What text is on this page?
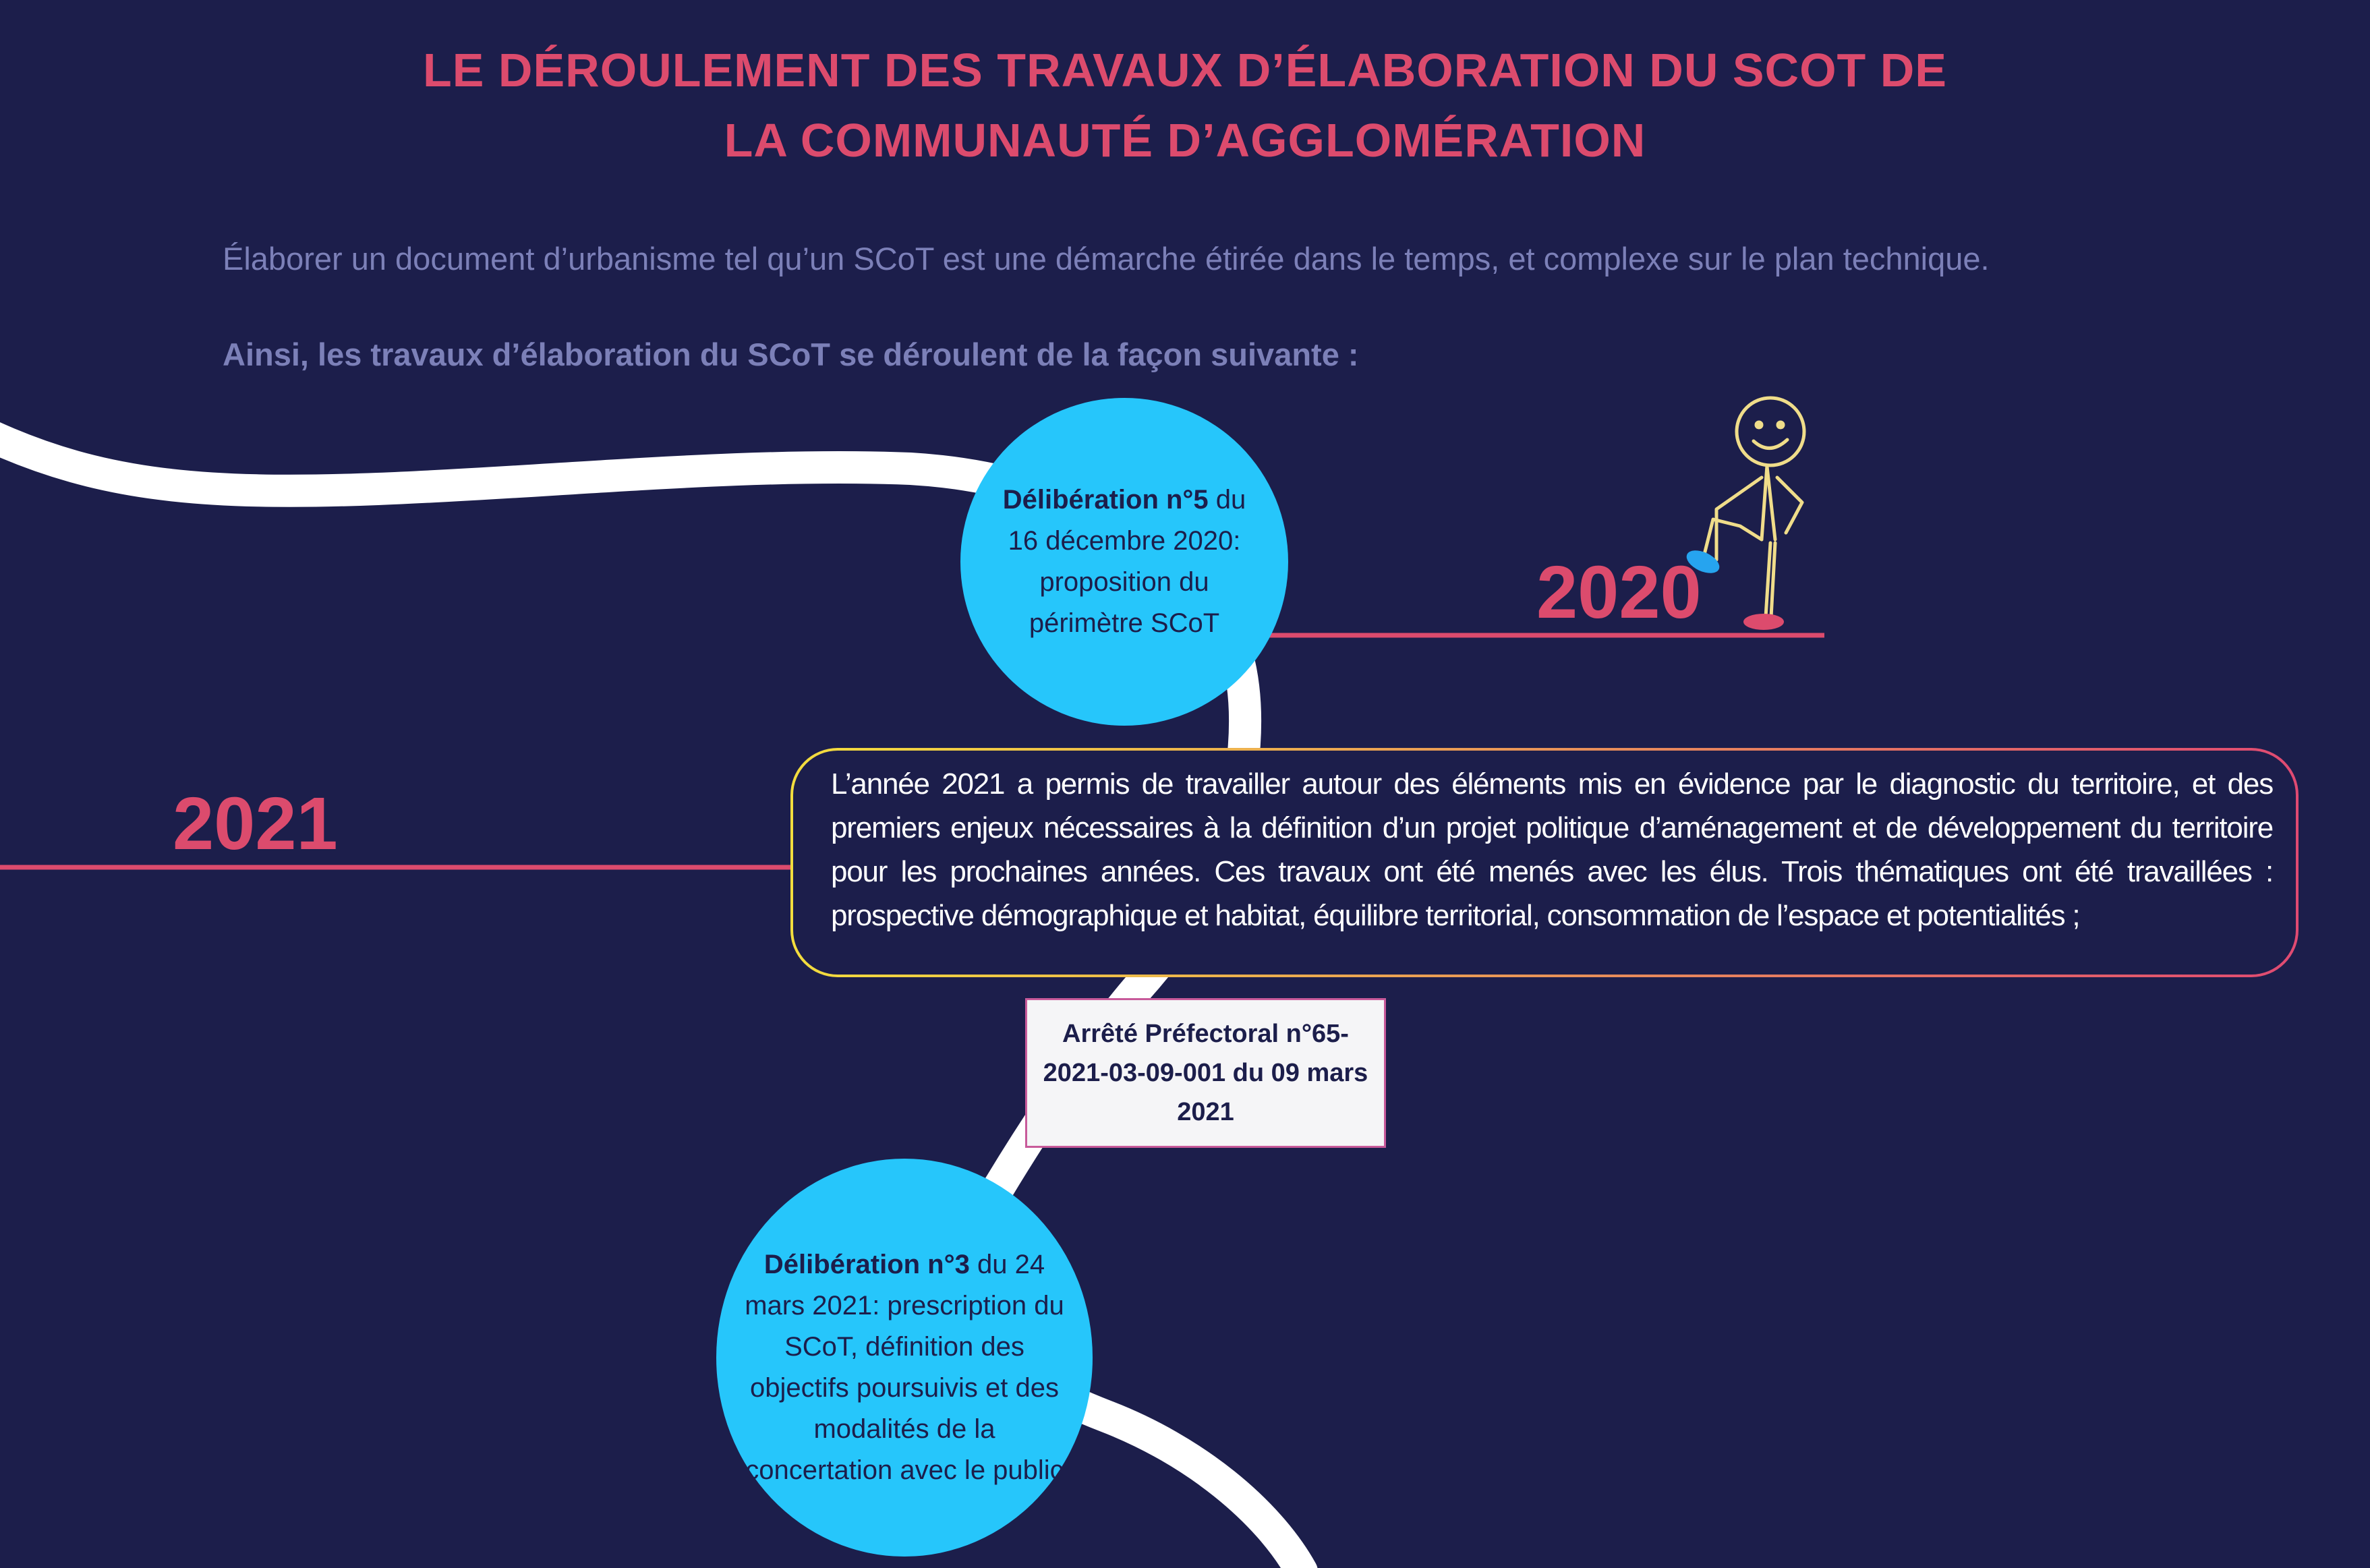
LE DÉROULEMENT DES TRAVAUX D’ÉLABORATION DU SCOT DE
LA COMMUNAUTÉ D’AGGLOMÉRATION
Élaborer un document d’urbanisme tel qu’un SCoT est une démarche étirée dans le temps, et complexe sur le plan technique.
Ainsi, les travaux d’élaboration du SCoT se déroulent de la façon suivante :
2020
2021
Délibération n°5 du 16 décembre 2020: proposition du périmètre SCoT
L’année 2021 a permis de travailler autour des éléments mis en évidence par le diagnostic du territoire, et des premiers enjeux nécessaires à la définition d’un projet politique d’aménagement et de développement du territoire pour les prochaines années. Ces travaux ont été menés avec les élus. Trois thématiques ont été travaillées : prospective démographique et habitat, équilibre territorial, consommation de l’espace et potentialités ;
Arrêté Préfectoral n°65-2021-03-09-001 du 09 mars 2021
Délibération n°3 du 24 mars 2021: prescription du SCoT, définition des objectifs poursuivis et des modalités de la concertation avec le public
